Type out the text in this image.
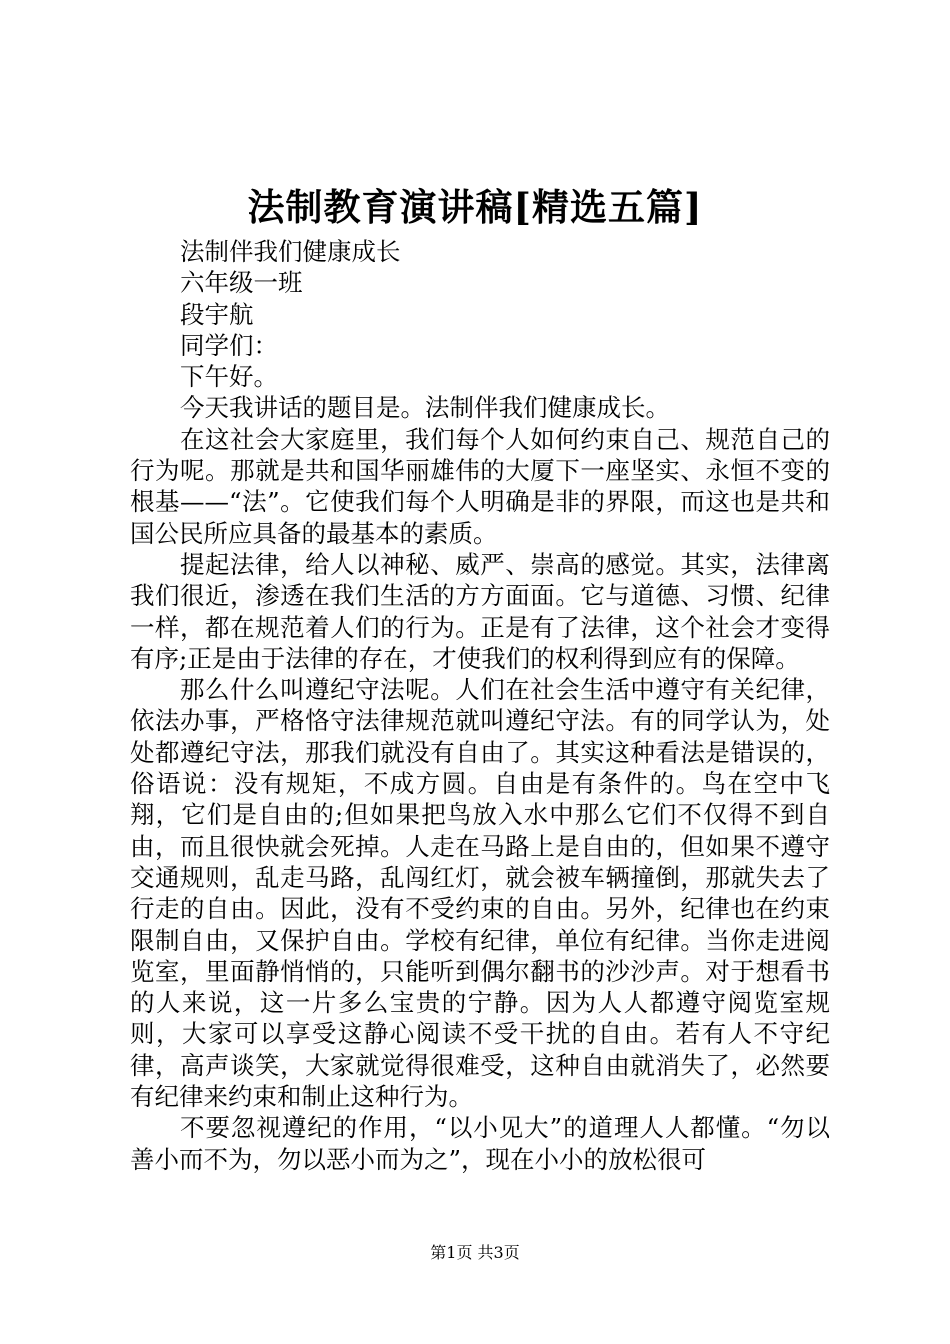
法制教育演讲稿[精选五篇]

法制伴我们健康成长

六年级一班

段宇航

同学们：

下午好。

今天我讲话的题目是。法制伴我们健康成长。

在这社会大家庭里，我们每个人如何约束自己、规范自己的行为呢。那就是共和国华丽雄伟的大厦下一座坚实、永恒不变的根基——“法”。它使我们每个人明确是非的界限，而这也是共和国公民所应具备的最基本的素质。

提起法律，给人以神秘、威严、崇高的感觉。其实，法律离我们很近，渗透在我们生活的方方面面。它与道德、习惯、纪律一样，都在规范着人们的行为。正是有了法律，这个社会才变得有序;正是由于法律的存在，才使我们的权利得到应有的保障。

那么什么叫遵纪守法呢。人们在社会生活中遵守有关纪律，依法办事，严格恪守法律规范就叫遵纪守法。有的同学认为，处处都遵纪守法，那我们就没有自由了。其实这种看法是错误的，俗语说：没有规矩，不成方圆。自由是有条件的。鸟在空中飞翔，它们是自由的;但如果把鸟放入水中那么它们不仅得不到自由，而且很快就会死掉。人走在马路上是自由的，但如果不遵守交通规则，乱走马路，乱闯红灯，就会被车辆撞倒，那就失去了行走的自由。因此，没有不受约束的自由。另外，纪律也在约束限制自由，又保护自由。学校有纪律，单位有纪律。当你走进阅览室，里面静悄悄的，只能听到偶尔翻书的沙沙声。对于想看书的人来说，这一片多么宝贵的宁静。因为人人都遵守阅览室规则，大家可以享受这静心阅读不受干扰的自由。若有人不守纪律，高声谈笑，大家就觉得很难受，这种自由就消失了，必然要有纪律来约束和制止这种行为。

不要忽视遵纪的作用，“以小见大”的道理人人都懂。“勿以善小而不为，勿以恶小而为之”，现在小小的放松很可

第1页 共3页
